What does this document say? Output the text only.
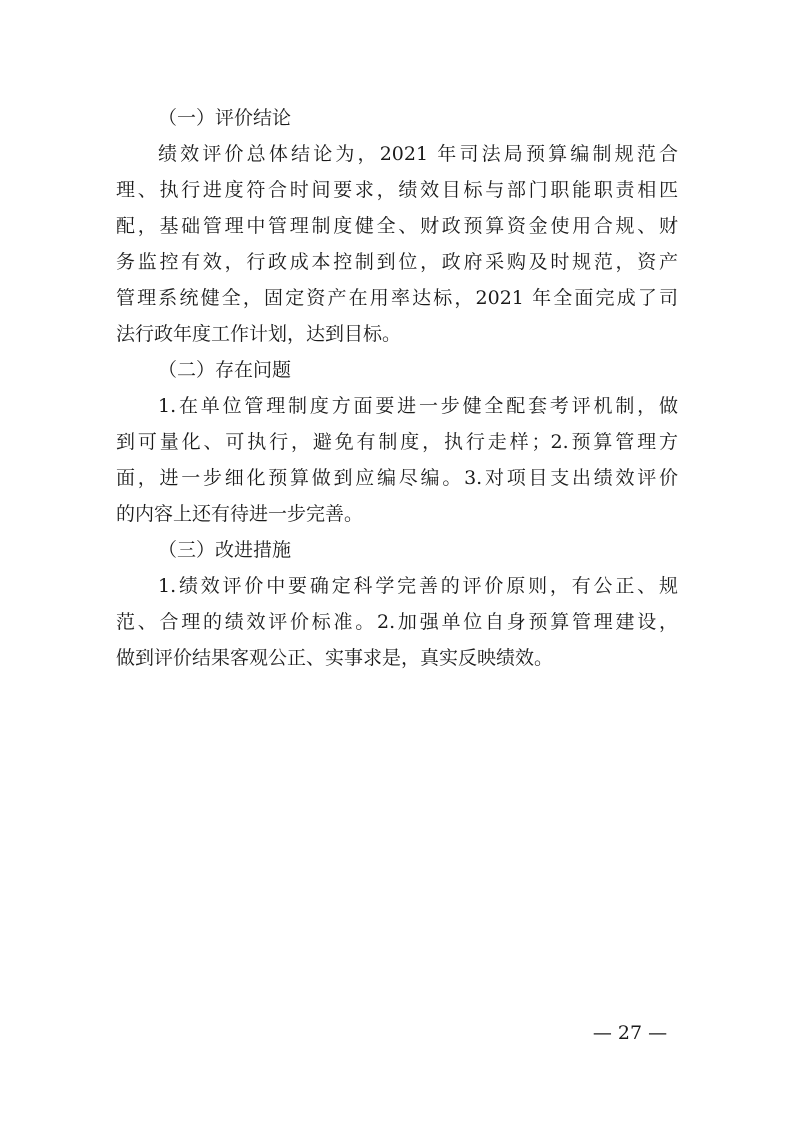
（一）评价结论

绩效评价总体结论为，2021 年司法局预算编制规范合

理、执行进度符合时间要求，绩效目标与部门职能职责相匹

配，基础管理中管理制度健全、财政预算资金使用合规、财

务监控有效，行政成本控制到位，政府采购及时规范，资产

管理系统健全，固定资产在用率达标，2021 年全面完成了司

法行政年度工作计划，达到目标。

（二）存在问题

1.在单位管理制度方面要进一步健全配套考评机制，做

到可量化、可执行，避免有制度，执行走样；2.预算管理方

面，进一步细化预算做到应编尽编。3.对项目支出绩效评价

的内容上还有待进一步完善。

（三）改进措施

1.绩效评价中要确定科学完善的评价原则，有公正、规

范、合理的绩效评价标准。2.加强单位自身预算管理建设，

做到评价结果客观公正、实事求是，真实反映绩效。

— 27 —
